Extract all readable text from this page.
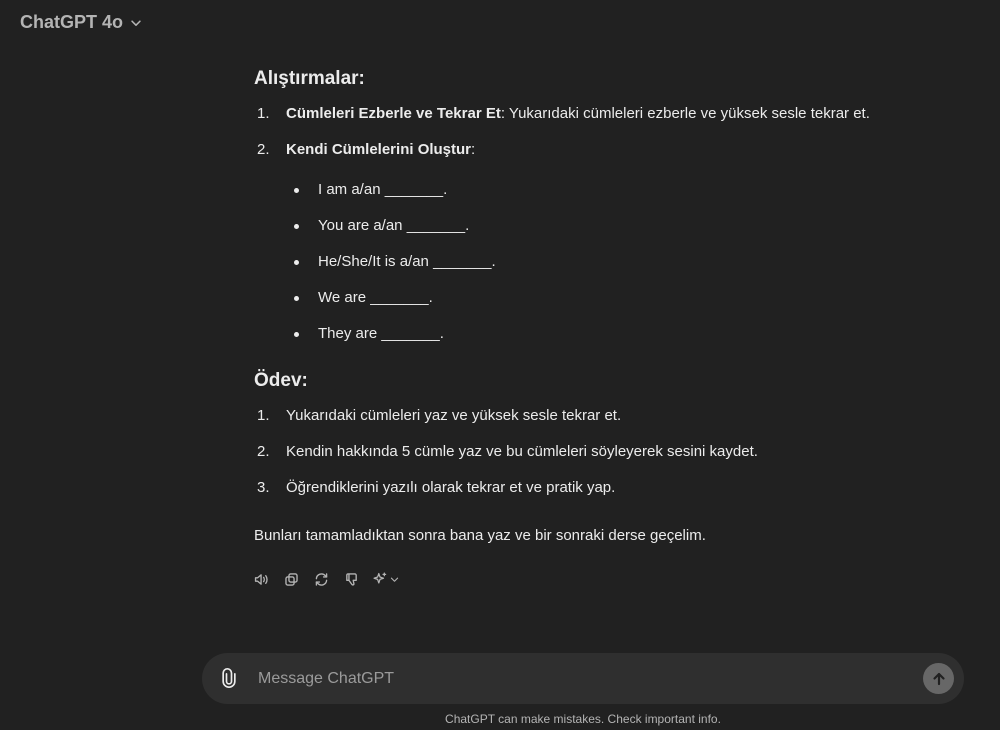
ChatGPT 4o
Alıştırmalar:
1. Cümleleri Ezberle ve Tekrar Et: Yukarıdaki cümleleri ezberle ve yüksek sesle tekrar et.
2. Kendi Cümlelerini Oluştur:
I am a/an _______.
You are a/an _______.
He/She/It is a/an _______.
We are _______.
They are _______.
Ödev:
1. Yukarıdaki cümleleri yaz ve yüksek sesle tekrar et.
2. Kendin hakkında 5 cümle yaz ve bu cümleleri söyleyerek sesini kaydet.
3. Öğrendiklerini yazılı olarak tekrar et ve pratik yap.

Bunları tamamladıktan sonra bana yaz ve bir sonraki derse geçelim.

Message ChatGPT
ChatGPT can make mistakes. Check important info.
